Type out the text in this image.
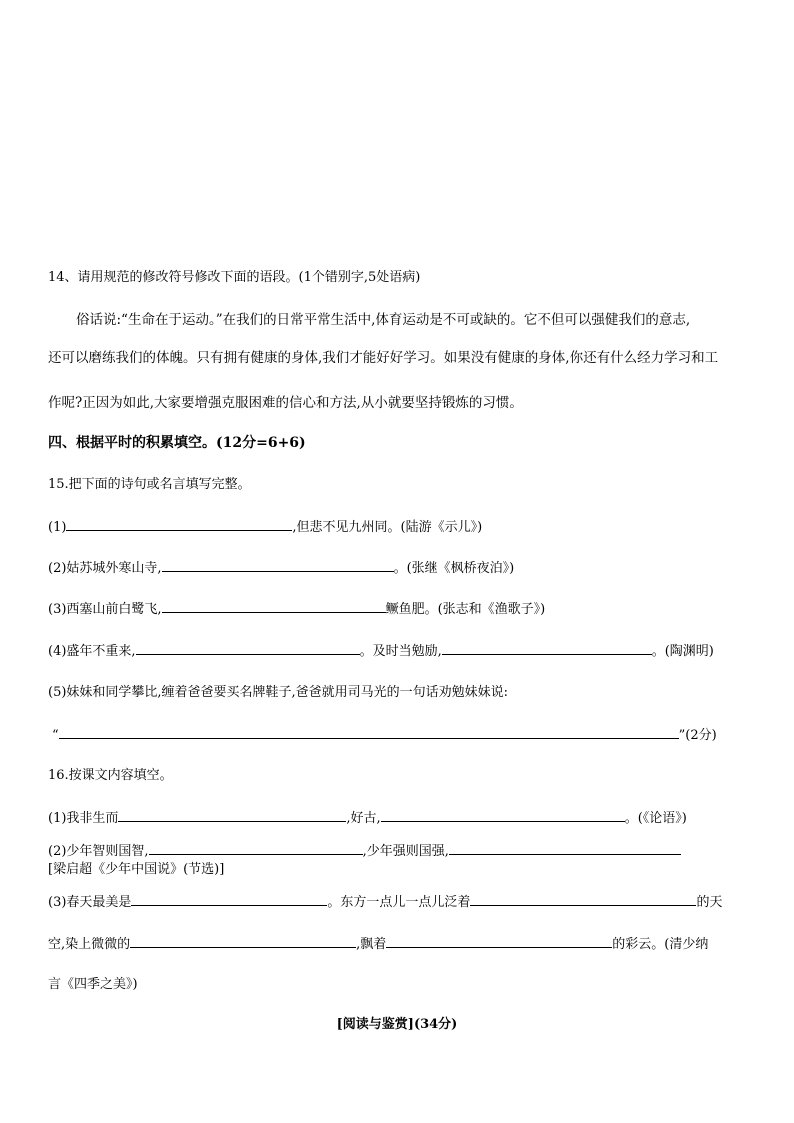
14、请用规范的修改符号修改下面的语段。(1个错别字,5处语病)
俗话说:“生命在于运动。”在我们的日常平常生活中,体育运动是不可或缺的。它不但可以强健我们的意志,
还可以磨练我们的体魄。只有拥有健康的身体,我们才能好好学习。如果没有健康的身体,你还有什么经力学习和工
作呢?正因为如此,大家要增强克服困难的信心和方法,从小就要坚持锻炼的习惯。
四、根据平时的积累填空。(12分=6+6)
15.把下面的诗句或名言填写完整。
(1)	,但悲不见九州同。(陆游《示儿》)
(2)姑苏城外寒山寺,	。(张继《枫桥夜泊》)
(3)西塞山前白鹭飞,	鳜鱼肥。(张志和《渔歌子》)
(4)盛年不重来,	。及时当勉励,	。(陶渊明)
(5)妹妹和同学攀比,缠着爸爸要买名牌鞋子,爸爸就用司马光的一句话劝勉妹妹说:
“	”(2分)
16.按课文内容填空。
(1)我非生而	,好古,	。(《论语》)
(2)少年智则国智,	,少年强则国强,
[梁启超《少年中国说》(节选)]
(3)春天最美是	。东方一点儿一点儿泛着	的天
空,染上微微的	,飘着	的彩云。(清少纳
言《四季之美》)
[阅读与鉴赏](34分)
